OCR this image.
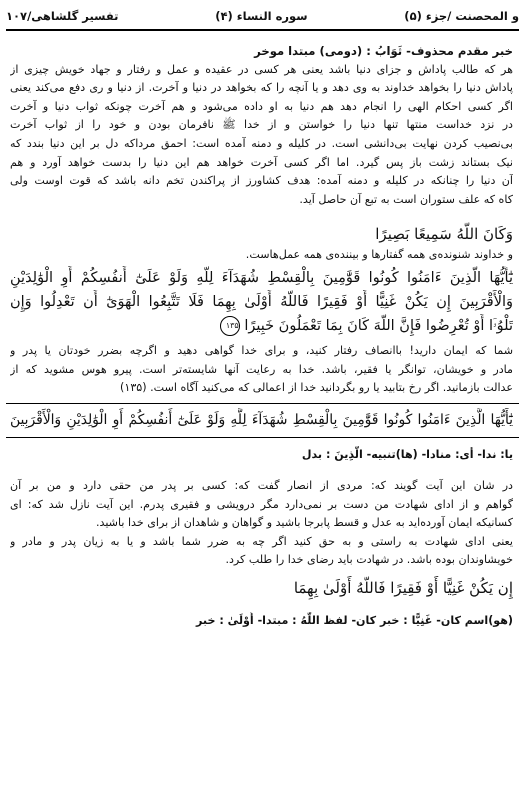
و المحصنت /جزء (۵)
سوره النساء (۴)
تفسیر گلشاهی/۱۰۷
خبر مقدم محذوف- ثَوَابُ : (دومی) مبتدا موخر
هر که طالب پاداش و جزای دنیا باشد یعنی هر کسی در عقیده و عمل و رفتار و جهاد خویش چیزی از
پاداش دنیا را بخواهد خداوند به وی دهد و یا آنچه را که بخواهد در دنیا و آخرت. از دنیا و ری دفع می‌کند یعنی
اگر کسی احکام الهی را انجام دهد هم دنیا به او داده می‌شود و هم آخرت چونکه ثواب دنیا و آخرت
در نزد خداست منتها تنها دنیا را خواستن و از خدا ﷺ نافرمان بودن و خود را از ثواب آخرت
بی‌نصیب کردن نهایت بی‌دانشی است. در کلیله و دمنه آمده است: احمق مرداکه دل بر این دنیا بندد که
نیک بستاند زشت باز پس گیرد. اما اگر کسی آخرت خواهد هم این دنیا را بدست خواهد آورد و هم
آن دنیا را چنانکه در کلیله و دمنه آمده: هدف کشاورز از پراکندن تخم دانه باشد که قوت اوست ولی
کاه که علف ستوران است به تبع آن حاصل آید.
وَكَانَ اللَّهُ سَمِيعًا بَصِيرًا
و خداوند شنونده‌ی همه گفتارها و بیننده‌ی همه عمل‌هاست.
يَٰٓأَيُّهَا الَّذِينَ ءَامَنُوا كُونُوا قَوَّٰمِينَ بِالْقِسْطِ شُهَدَآءَ لِلَّهِ وَلَوْ عَلَىٰٓ أَنفُسِكُمْ أَوِ الْوَٰلِدَيْنِ
وَالْأَقْرَبِينَ إِن يَكُنْ غَنِيًّا أَوْ فَقِيرًا فَاللَّهُ أَوْلَىٰ بِهِمَا فَلَا تَتَّبِعُوا الْهَوَىٰٓ أَن تَعْدِلُوا وَإِن
تَلْوُۥٓا أَوْ تُعْرِضُوا فَإِنَّ اللَّهَ كَانَ بِمَا تَعْمَلُونَ خَبِيرًا ۱۳۵
شما که ایمان دارید! باانصاف رفتار کنید، و برای خدا گواهی دهید و اگرچه بضرر خودتان یا پدر و
مادر و خویشان، توانگر یا فقیر، باشد. خدا به رعایت آنها شایسته‌تر است. پیرو هوس مشوید که از
عدالت بازمانید. اگر رخ بتابید یا رو بگردانید خدا از اعمالی که می‌کنید آگاه است. (۱۳۵)
يَٰٓأَيُّهَا الَّذِينَ ءَامَنُوا كُونُوا قَوَّٰمِينَ بِالْقِسْطِ شُهَدَآءَ لِلَّهِ وَلَوْ عَلَىٰٓ أَنفُسِكُمْ أَوِ الْوَٰلِدَيْنِ وَالْأَقْرَبِينَ
یا: ندا- أی: منادا- (ها)تنبیه- الَّذِينَ : بدل
در شان این آیت گویند که: مردی از انصار گفت که: کسی بر پدر من حقی دارد و من بر آن
گواهم و از ادای شهادت من دست بر نمی‌دارد مگر درویشی و فقیری پدرم. این آیت نازل شد که: ای
کسانیکه ایمان آورده‌اید به عدل و قسط پابرجا باشید و گواهان و شاهدان از برای خدا باشید.
یعنی ادای شهادت به راستی و به حق کنید اگر چه به ضرر شما باشد و یا به زیان پدر و مادر و
خویشاوندان بوده باشد. در شهادت باید رضای خدا را طلب کرد.
إِن يَكُنْ غَنِيًّا أَوْ فَقِيرًا فَاللَّهُ أَوْلَىٰ بِهِمَا
(هو)اسم کان- غَنِيًّا : خبر کان- لفظ اللَّهُ : مبتدا- أَوْلَىٰ : خبر
